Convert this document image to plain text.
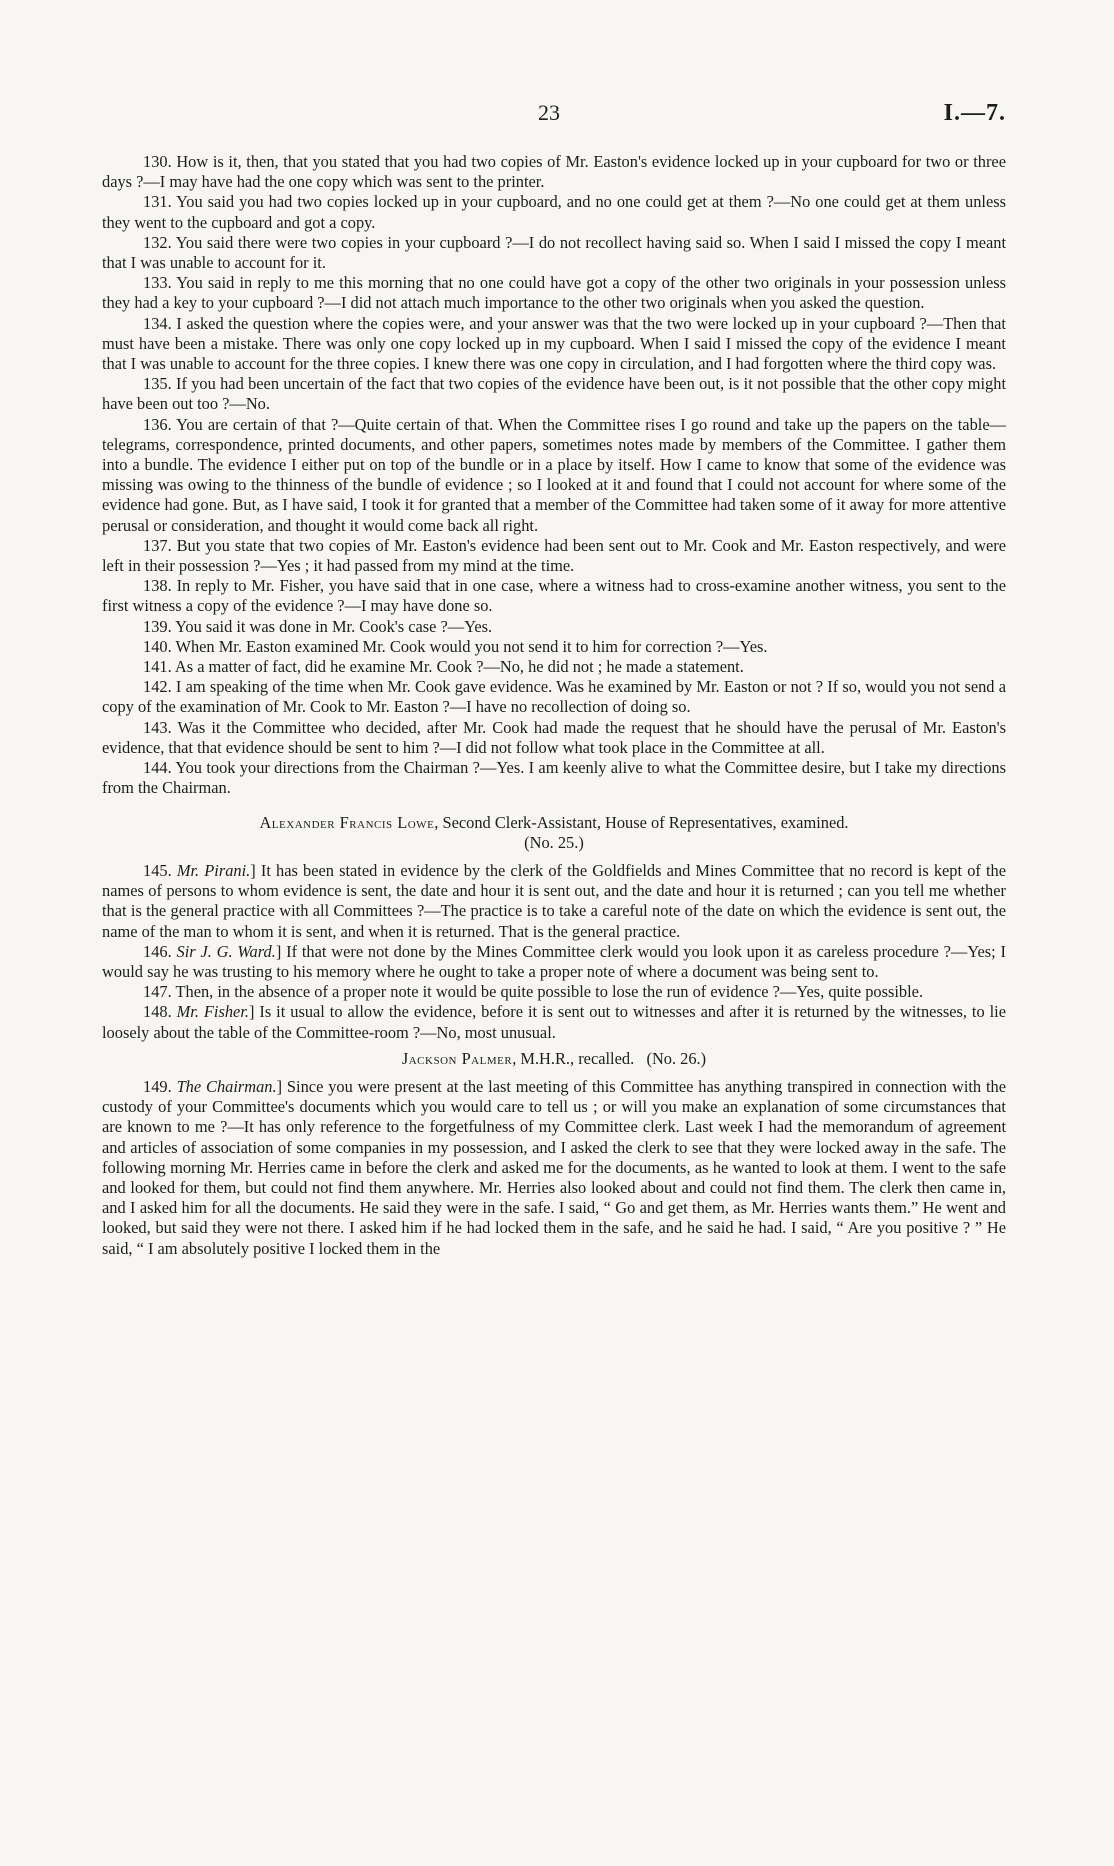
23	I.—7.

130. How is it, then, that you stated that you had two copies of Mr. Easton's evidence locked up in your cupboard for two or three days ?—I may have had the one copy which was sent to the printer.

131. You said you had two copies locked up in your cupboard, and no one could get at them ?—No one could get at them unless they went to the cupboard and got a copy.

132. You said there were two copies in your cupboard ?—I do not recollect having said so. When I said I missed the copy I meant that I was unable to account for it.

133. You said in reply to me this morning that no one could have got a copy of the other two originals in your possession unless they had a key to your cupboard ?—I did not attach much importance to the other two originals when you asked the question.

134. I asked the question where the copies were, and your answer was that the two were locked up in your cupboard ?—Then that must have been a mistake. There was only one copy locked up in my cupboard. When I said I missed the copy of the evidence I meant that I was unable to account for the three copies. I knew there was one copy in circulation, and I had forgotten where the third copy was.

135. If you had been uncertain of the fact that two copies of the evidence have been out, is it not possible that the other copy might have been out too ?—No.

136. You are certain of that ?—Quite certain of that. When the Committee rises I go round and take up the papers on the table—telegrams, correspondence, printed documents, and other papers, sometimes notes made by members of the Committee. I gather them into a bundle. The evidence I either put on top of the bundle or in a place by itself. How I came to know that some of the evidence was missing was owing to the thinness of the bundle of evidence ; so I looked at it and found that I could not account for where some of the evidence had gone. But, as I have said, I took it for granted that a member of the Committee had taken some of it away for more attentive perusal or consideration, and thought it would come back all right.

137. But you state that two copies of Mr. Easton's evidence had been sent out to Mr. Cook and Mr. Easton respectively, and were left in their possession ?—Yes ; it had passed from my mind at the time.

138. In reply to Mr. Fisher, you have said that in one case, where a witness had to cross-examine another witness, you sent to the first witness a copy of the evidence ?—I may have done so.

139. You said it was done in Mr. Cook's case ?—Yes.

140. When Mr. Easton examined Mr. Cook would you not send it to him for correction ?—Yes.

141. As a matter of fact, did he examine Mr. Cook ?—No, he did not ; he made a statement.

142. I am speaking of the time when Mr. Cook gave evidence. Was he examined by Mr. Easton or not ? If so, would you not send a copy of the examination of Mr. Cook to Mr. Easton ?—I have no recollection of doing so.

143. Was it the Committee who decided, after Mr. Cook had made the request that he should have the perusal of Mr. Easton's evidence, that that evidence should be sent to him ?—I did not follow what took place in the Committee at all.

144. You took your directions from the Chairman ?—Yes. I am keenly alive to what the Committee desire, but I take my directions from the Chairman.

Alexander Francis Lowe, Second Clerk-Assistant, House of Representatives, examined.

(No. 25.)

145. Mr. Pirani.] It has been stated in evidence by the clerk of the Goldfields and Mines Committee that no record is kept of the names of persons to whom evidence is sent, the date and hour it is sent out, and the date and hour it is returned ; can you tell me whether that is the general practice with all Committees ?—The practice is to take a careful note of the date on which the evidence is sent out, the name of the man to whom it is sent, and when it is returned. That is the general practice.

146. Sir J. G. Ward.] If that were not done by the Mines Committee clerk would you look upon it as careless procedure ?—Yes; I would say he was trusting to his memory where he ought to take a proper note of where a document was being sent to.

147. Then, in the absence of a proper note it would be quite possible to lose the run of evidence ?—Yes, quite possible.

148. Mr. Fisher.] Is it usual to allow the evidence, before it is sent out to witnesses and after it is returned by the witnesses, to lie loosely about the table of the Committee-room ?—No, most unusual.

Jackson Palmer, M.H.R., recalled. (No. 26.)

149. The Chairman.] Since you were present at the last meeting of this Committee has anything transpired in connection with the custody of your Committee's documents which you would care to tell us ; or will you make an explanation of some circumstances that are known to me ?—It has only reference to the forgetfulness of my Committee clerk. Last week I had the memorandum of agreement and articles of association of some companies in my possession, and I asked the clerk to see that they were locked away in the safe. The following morning Mr. Herries came in before the clerk and asked me for the documents, as he wanted to look at them. I went to the safe and looked for them, but could not find them anywhere. Mr. Herries also looked about and could not find them. The clerk then came in, and I asked him for all the documents. He said they were in the safe. I said, “ Go and get them, as Mr. Herries wants them.” He went and looked, but said they were not there. I asked him if he had locked them in the safe, and he said he had. I said, “ Are you positive ? ” He said, “ I am absolutely positive I locked them in the
